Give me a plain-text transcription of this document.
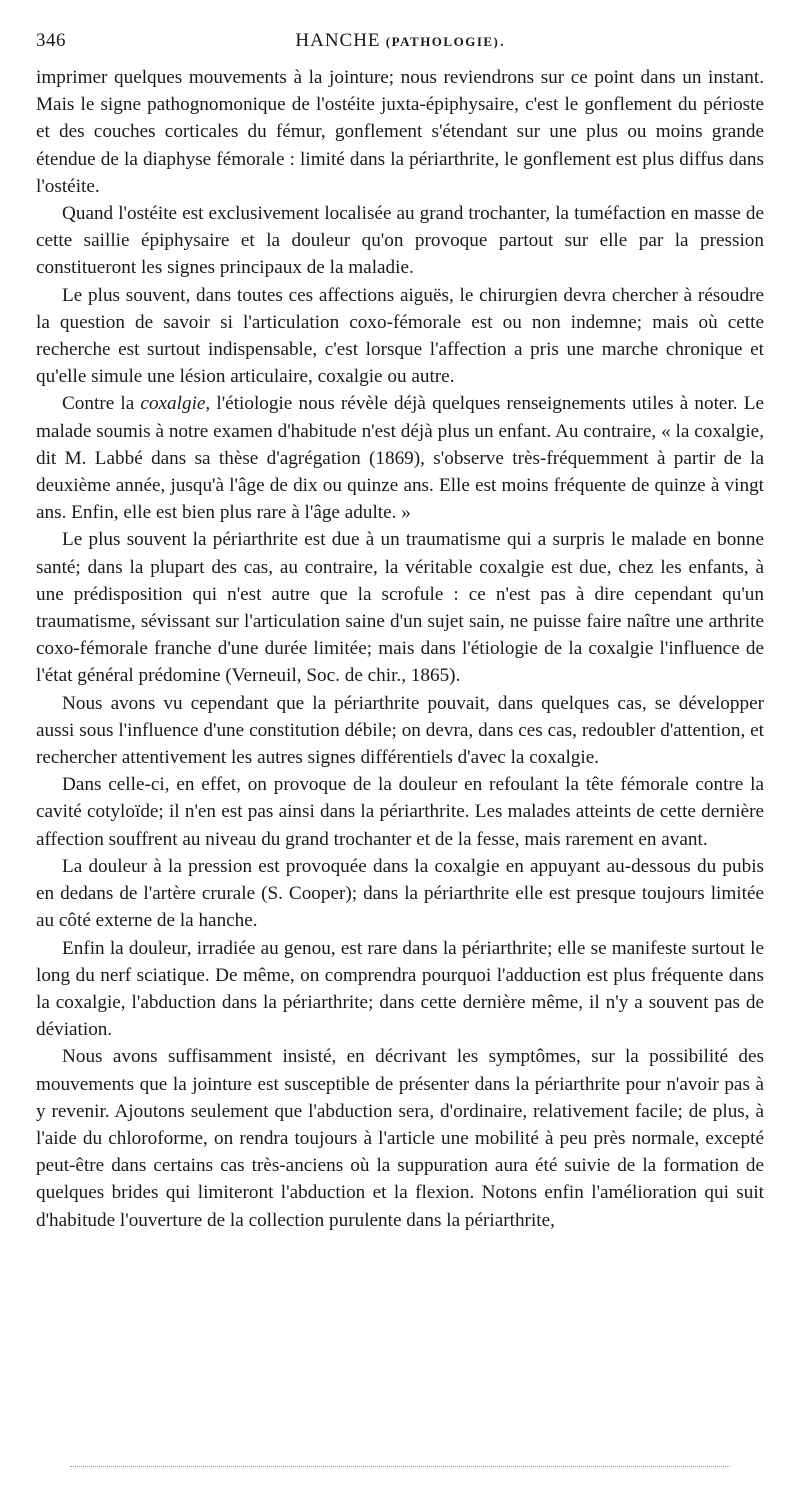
346	HANCHE (PATHOLOGIE).

imprimer quelques mouvements à la jointure; nous reviendrons sur ce point dans un instant. Mais le signe pathognomonique de l'ostéite juxta-épiphysaire, c'est le gonflement du périoste et des couches corticales du fémur, gonflement s'étendant sur une plus ou moins grande étendue de la diaphyse fémorale : limité dans la périarthrite, le gonflement est plus diffus dans l'ostéite.

Quand l'ostéite est exclusivement localisée au grand trochanter, la tuméfaction en masse de cette saillie épiphysaire et la douleur qu'on provoque partout sur elle par la pression constitueront les signes principaux de la maladie.

Le plus souvent, dans toutes ces affections aiguës, le chirurgien devra chercher à résoudre la question de savoir si l'articulation coxo-fémorale est ou non indemne; mais où cette recherche est surtout indispensable, c'est lorsque l'affection a pris une marche chronique et qu'elle simule une lésion articulaire, coxalgie ou autre.

Contre la coxalgie, l'étiologie nous révèle déjà quelques renseignements utiles à noter. Le malade soumis à notre examen d'habitude n'est déjà plus un enfant. Au contraire, « la coxalgie, dit M. Labbé dans sa thèse d'agrégation (1869), s'observe très-fréquemment à partir de la deuxième année, jusqu'à l'âge de dix ou quinze ans. Elle est moins fréquente de quinze à vingt ans. Enfin, elle est bien plus rare à l'âge adulte. »

Le plus souvent la périarthrite est due à un traumatisme qui a surpris le malade en bonne santé; dans la plupart des cas, au contraire, la véritable coxalgie est due, chez les enfants, à une prédisposition qui n'est autre que la scrofule : ce n'est pas à dire cependant qu'un traumatisme, sévissant sur l'articulation saine d'un sujet sain, ne puisse faire naître une arthrite coxo-fémorale franche d'une durée limitée; mais dans l'étiologie de la coxalgie l'influence de l'état général prédomine (Verneuil, Soc. de chir., 1865).

Nous avons vu cependant que la périarthrite pouvait, dans quelques cas, se développer aussi sous l'influence d'une constitution débile; on devra, dans ces cas, redoubler d'attention, et rechercher attentivement les autres signes différentiels d'avec la coxalgie.

Dans celle-ci, en effet, on provoque de la douleur en refoulant la tête fémorale contre la cavité cotyloïde; il n'en est pas ainsi dans la périarthrite. Les malades atteints de cette dernière affection souffrent au niveau du grand trochanter et de la fesse, mais rarement en avant.

La douleur à la pression est provoquée dans la coxalgie en appuyant au-dessous du pubis en dedans de l'artère crurale (S. Cooper); dans la périarthrite elle est presque toujours limitée au côté externe de la hanche.

Enfin la douleur, irradiée au genou, est rare dans la périarthrite; elle se manifeste surtout le long du nerf sciatique. De même, on comprendra pourquoi l'adduction est plus fréquente dans la coxalgie, l'abduction dans la périarthrite; dans cette dernière même, il n'y a souvent pas de déviation.

Nous avons suffisamment insisté, en décrivant les symptômes, sur la possibilité des mouvements que la jointure est susceptible de présenter dans la périarthrite pour n'avoir pas à y revenir. Ajoutons seulement que l'abduction sera, d'ordinaire, relativement facile; de plus, à l'aide du chloroforme, on rendra toujours à l'article une mobilité à peu près normale, excepté peut-être dans certains cas très-anciens où la suppuration aura été suivie de la formation de quelques brides qui limiteront l'abduction et la flexion. Notons enfin l'amélioration qui suit d'habitude l'ouverture de la collection purulente dans la périarthrite,
